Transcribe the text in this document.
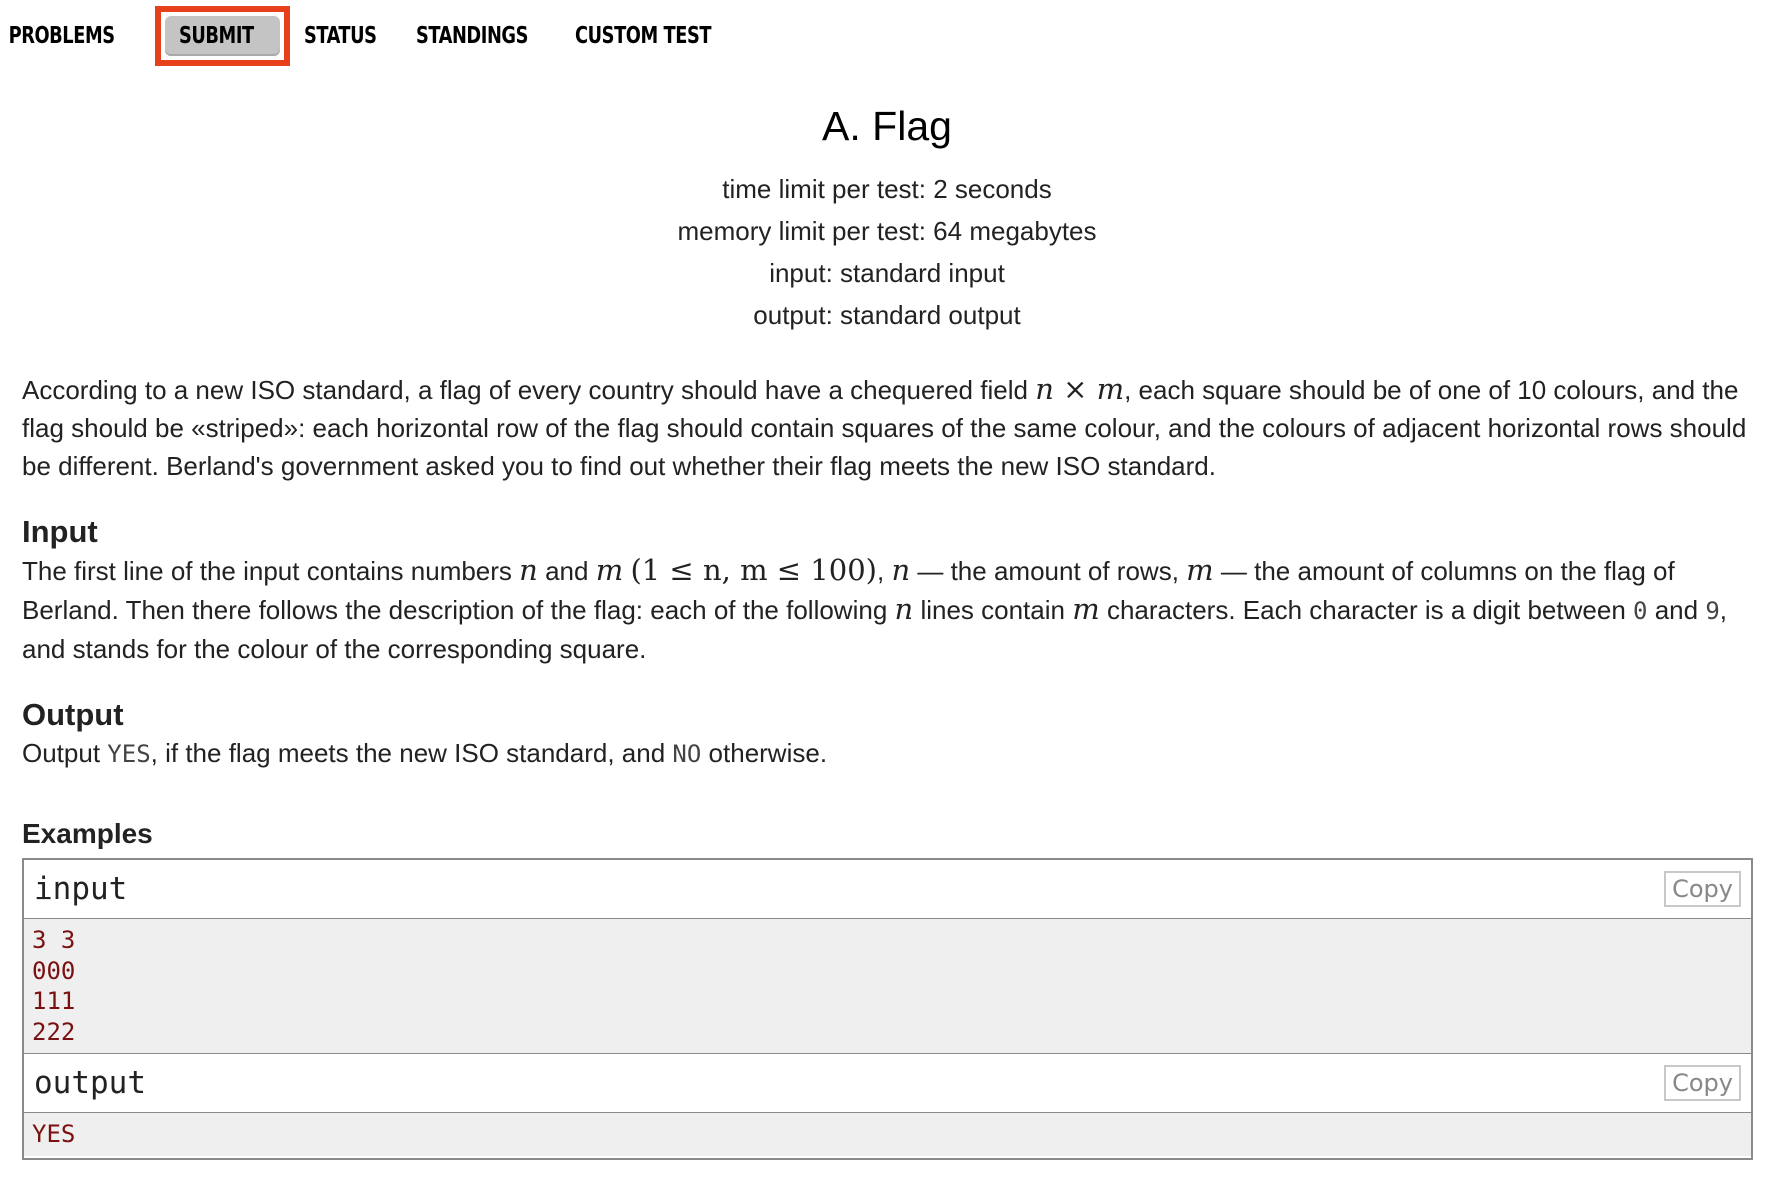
PROBLEMS	SUBMIT	STATUS	STANDINGS	CUSTOM TEST
A. Flag
time limit per test: 2 seconds
memory limit per test: 64 megabytes
input: standard input
output: standard output

According to a new ISO standard, a flag of every country should have a chequered field n × m, each square should be of one of 10 colours, and the flag should be «striped»: each horizontal row of the flag should contain squares of the same colour, and the colours of adjacent horizontal rows should be different. Berland's government asked you to find out whether their flag meets the new ISO standard.

Input

The first line of the input contains numbers n and m (1 ≤ n, m ≤ 100), n — the amount of rows, m — the amount of columns on the flag of Berland. Then there follows the description of the flag: each of the following n lines contain m characters. Each character is a digit between 0 and 9, and stands for the colour of the corresponding square.

Output

Output YES, if the flag meets the new ISO standard, and NO otherwise.

Examples
input	Copy
3 3
000
111
222
output	Copy
YES
